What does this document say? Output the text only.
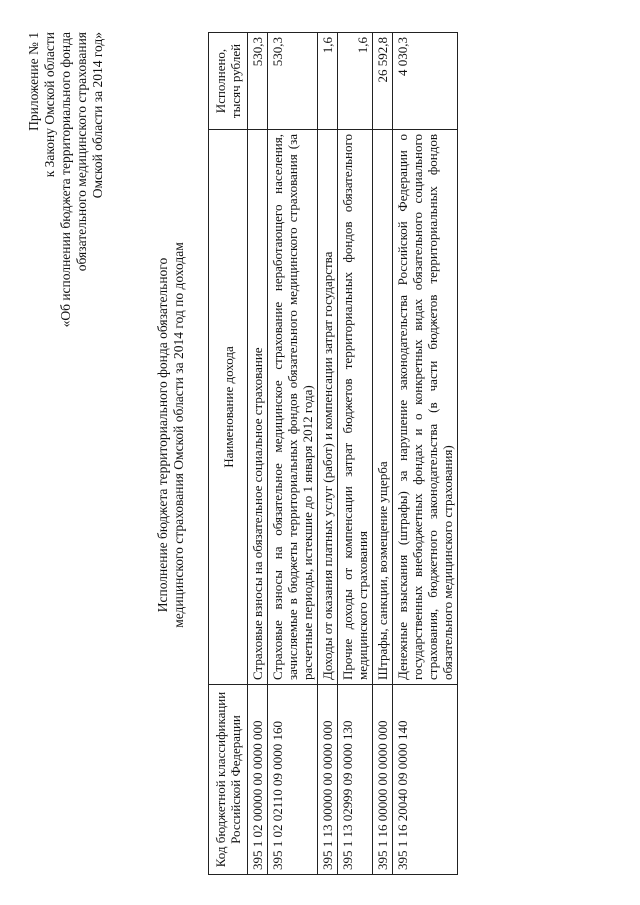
Приложение № 1 к Закону Омской области «Об исполнении бюджета территориального фонда обязательного медицинского страхования Омской области за 2014 год»
Исполнение бюджета территориального фонда обязательного медицинского страхования Омской области за 2014 год по доходам
Код бюджетной классификации Российской Федерации	Наименование дохода	Исполнено, тысяч рублей
395 1 02 00000 00 0000 000	Страховые взносы на обязательное социальное страхование	530,3
395 1 02 02110 09 0000 160	Страховые взносы на обязательное медицинское страхование неработающего населения, зачисляемые в бюджеты территориальных фондов обязательного медицинского страхования (за расчетные периоды, истекшие до 1 января 2012 года)	530,3
395 1 13 00000 00 0000 000	Доходы от оказания платных услуг (работ) и компенсации затрат государства	1,6
395 1 13 02999 09 0000 130	Прочие доходы от компенсации затрат бюджетов территориальных фондов обязательного медицинского страхования	1,6
395 1 16 00000 00 0000 000	Штрафы, санкции, возмещение ущерба	26 592,8
395 1 16 20040 09 0000 140	Денежные взыскания (штрафы) за нарушение законодательства Российской Федерации о государственных внебюджетных фондах и о конкретных видах обязательного социального страхования, бюджетного законодательства (в части бюджетов территориальных фондов обязательного медицинского страхования)	4 030,3
